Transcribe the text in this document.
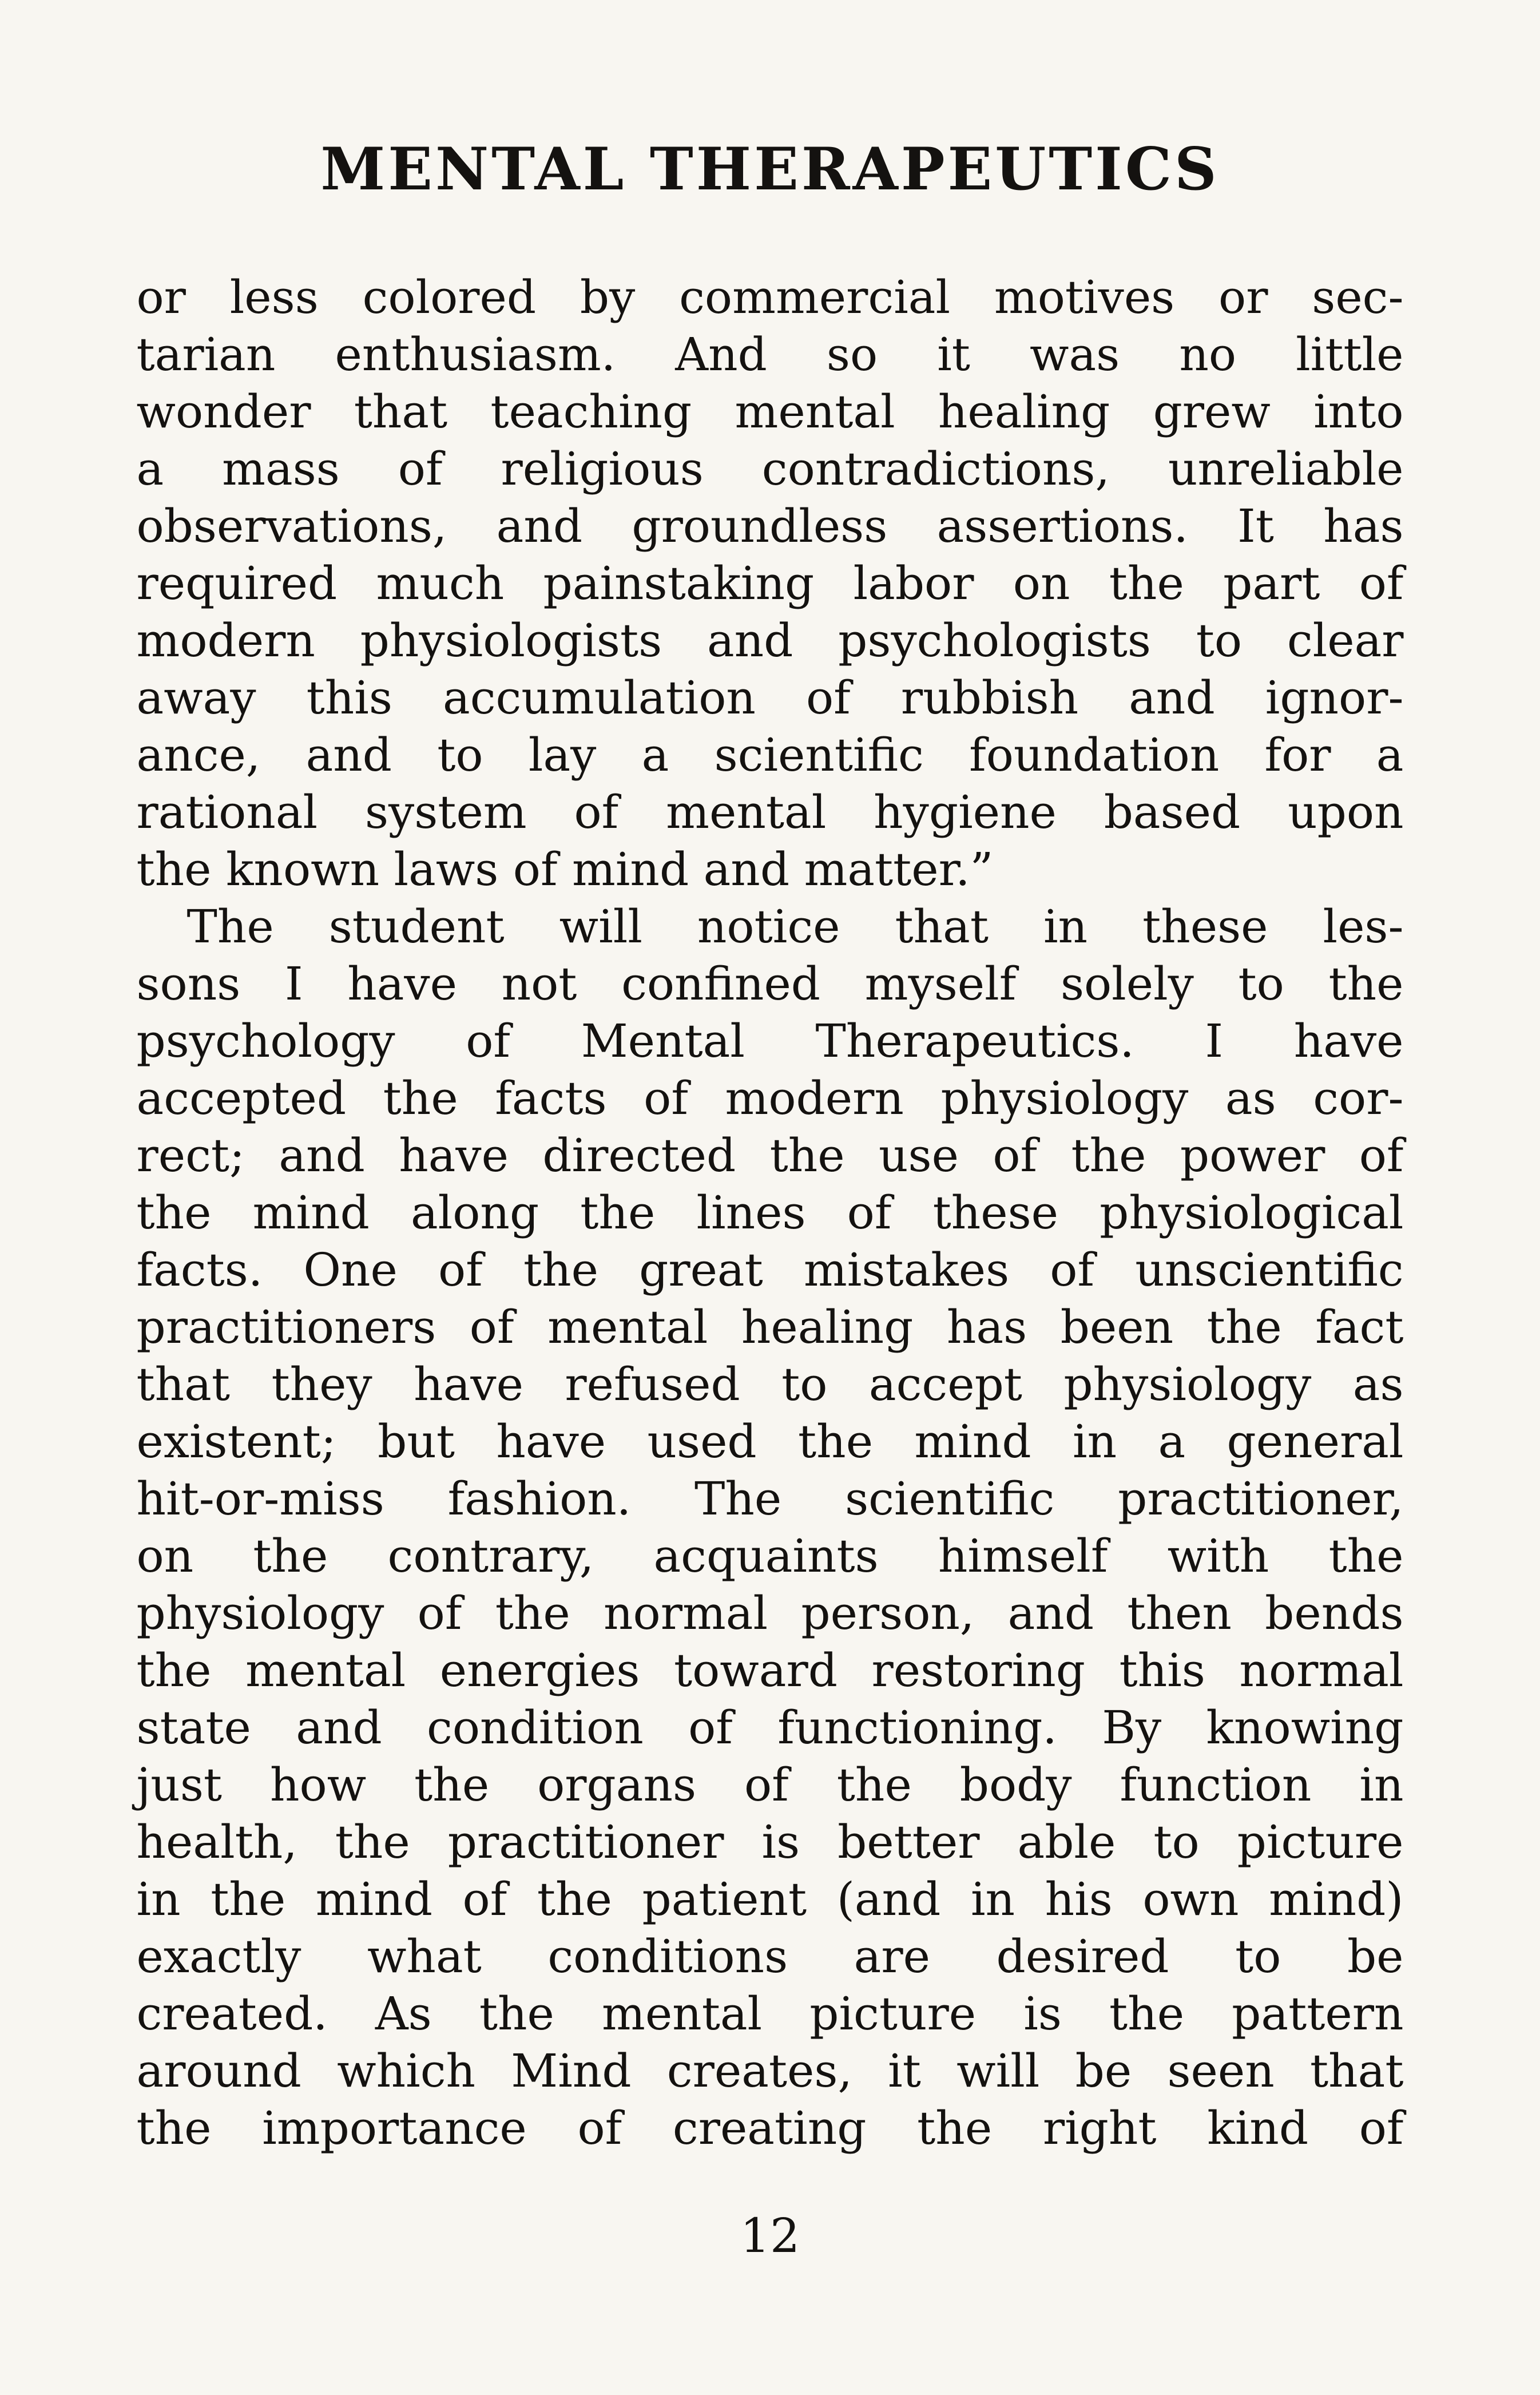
MENTAL THERAPEUTICS
or less colored by commercial motives or sec-
tarian enthusiasm. And so it was no little
wonder that teaching mental healing grew into
a mass of religious contradictions, unreliable
observations, and groundless assertions. It has
required much painstaking labor on the part of
modern physiologists and psychologists to clear
away this accumulation of rubbish and ignor-
ance, and to lay a scientific foundation for a
rational system of mental hygiene based upon
the known laws of mind and matter.”
The student will notice that in these les-
sons I have not confined myself solely to the
psychology of Mental Therapeutics. I have
accepted the facts of modern physiology as cor-
rect; and have directed the use of the power of
the mind along the lines of these physiological
facts. One of the great mistakes of unscientific
practitioners of mental healing has been the fact
that they have refused to accept physiology as
existent; but have used the mind in a general
hit-or-miss fashion. The scientific practitioner,
on the contrary, acquaints himself with the
physiology of the normal person, and then bends
the mental energies toward restoring this normal
state and condition of functioning. By knowing
just how the organs of the body function in
health, the practitioner is better able to picture
in the mind of the patient (and in his own mind)
exactly what conditions are desired to be
created. As the mental picture is the pattern
around which Mind creates, it will be seen that
the importance of creating the right kind of
12
